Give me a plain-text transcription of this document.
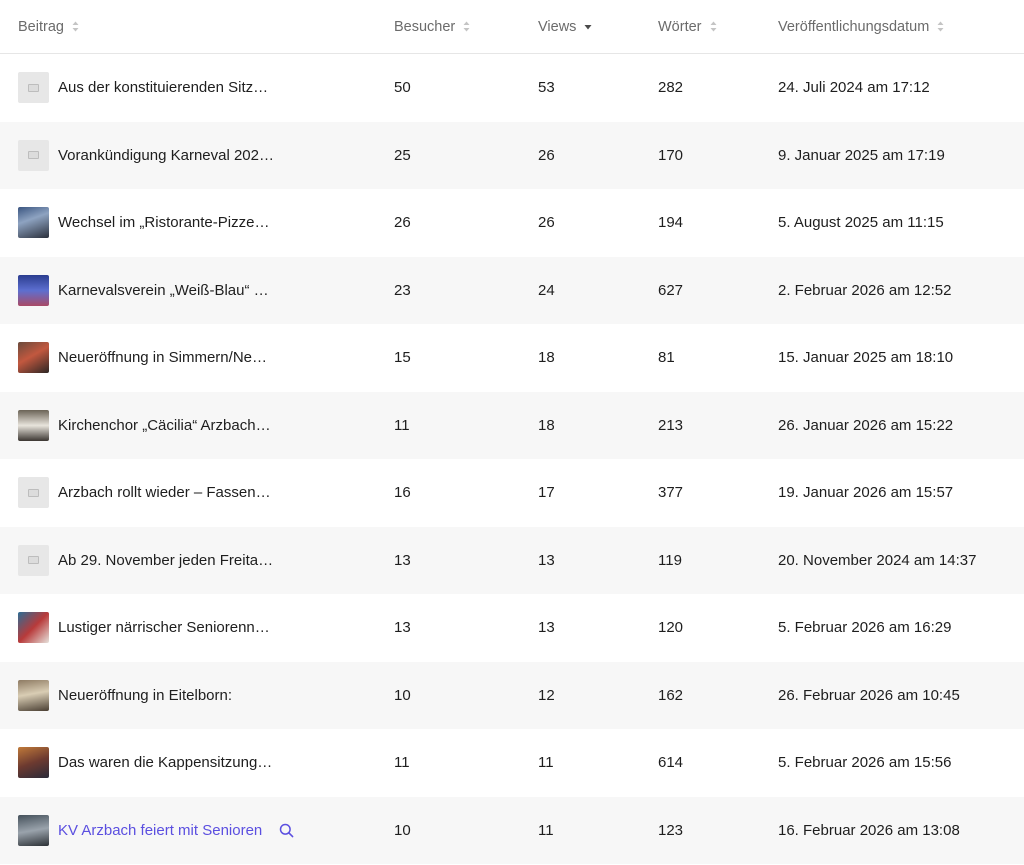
Beitrag	Besucher	Views	Wörter	Veröffentlichungsdatum
Aus der konstituierenden Sitz…	50	53	282	24. Juli 2024 am 17:12
Vorankündigung Karneval 202…	25	26	170	9. Januar 2025 am 17:19
Wechsel im „Ristorante-Pizze…	26	26	194	5. August 2025 am 11:15
Karnevalsverein „Weiß-Blau“ …	23	24	627	2. Februar 2026 am 12:52
Neueröffnung in Simmern/Ne…	15	18	81	15. Januar 2025 am 18:10
Kirchenchor „Cäcilia“ Arzbach…	11	18	213	26. Januar 2026 am 15:22
Arzbach rollt wieder – Fassen…	16	17	377	19. Januar 2026 am 15:57
Ab 29. November jeden Freita…	13	13	119	20. November 2024 am 14:37
Lustiger närrischer Seniorenn…	13	13	120	5. Februar 2026 am 16:29
Neueröffnung in Eitelborn:	10	12	162	26. Februar 2026 am 10:45
Das waren die Kappensitzung…	11	11	614	5. Februar 2026 am 15:56
KV Arzbach feiert mit Senioren	10	11	123	16. Februar 2026 am 13:08
